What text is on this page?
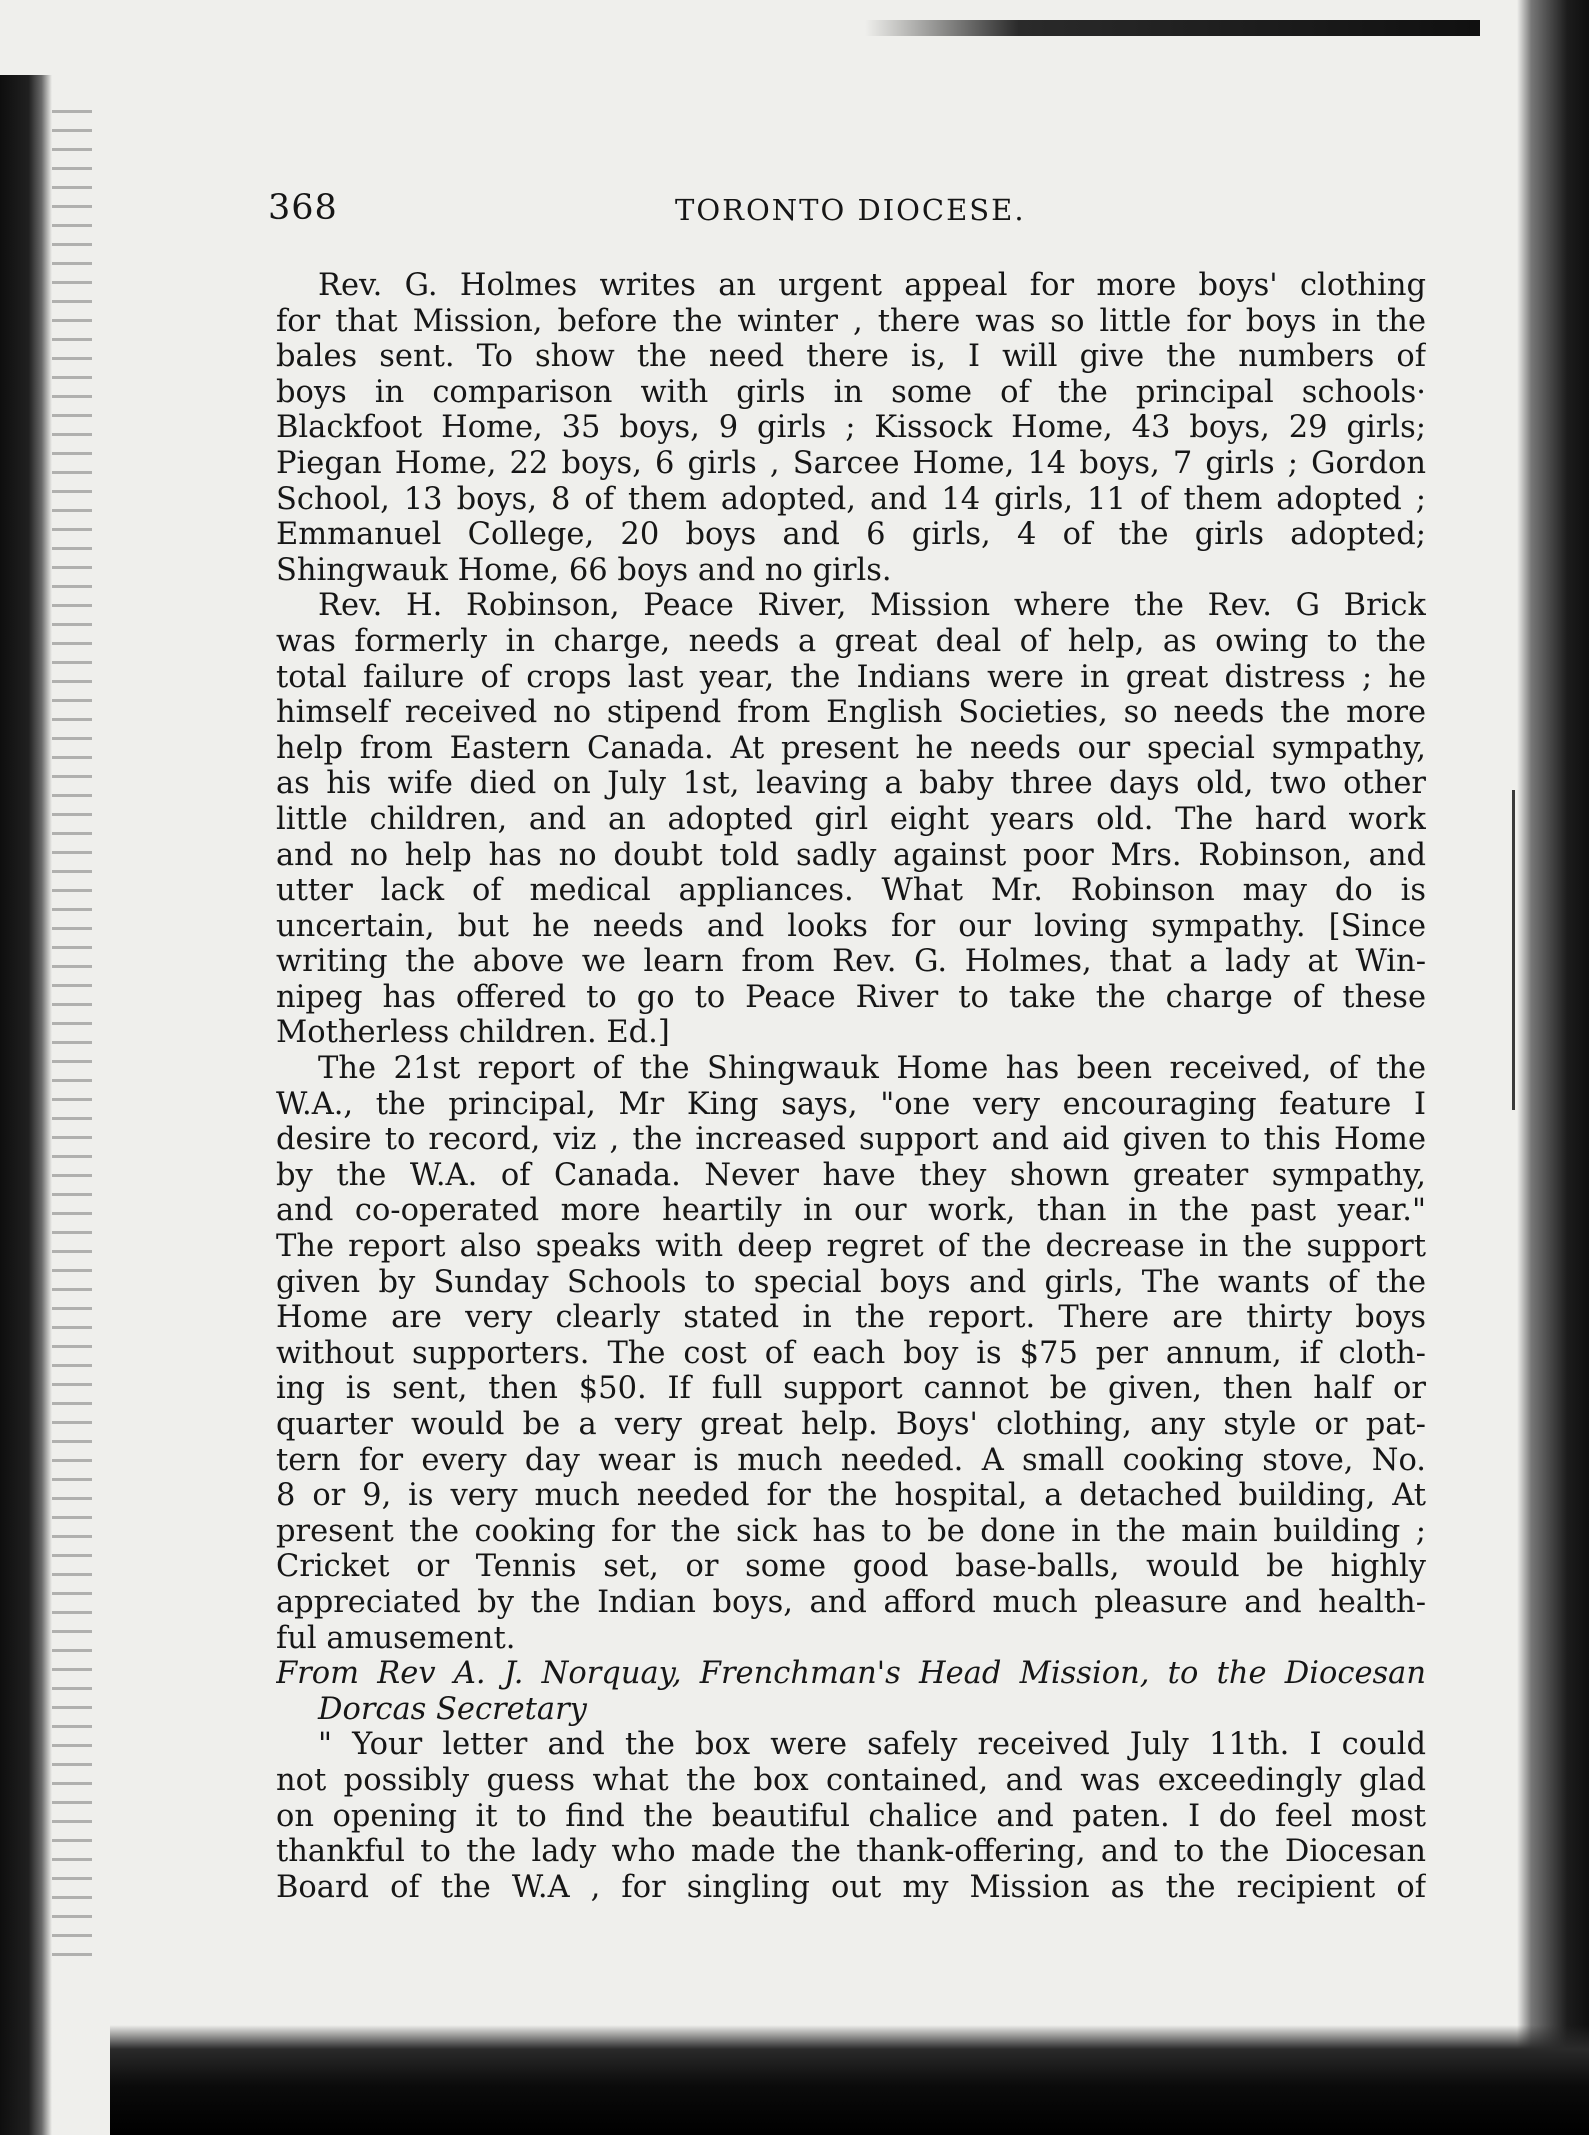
368	TORONTO DIOCESE.
Rev. G. Holmes writes an urgent appeal for more boys' clothing
for that Mission, before the winter , there was so little for boys in the
bales sent. To show the need there is, I will give the numbers of
boys in comparison with girls in some of the principal schools·
Blackfoot Home, 35 boys, 9 girls ; Kissock Home, 43 boys, 29 girls;
Piegan Home, 22 boys, 6 girls , Sarcee Home, 14 boys, 7 girls ; Gordon
School, 13 boys, 8 of them adopted, and 14 girls, 11 of them adopted ;
Emmanuel College, 20 boys and 6 girls, 4 of the girls adopted;
Shingwauk Home, 66 boys and no girls.
Rev. H. Robinson, Peace River, Mission where the Rev. G Brick
was formerly in charge, needs a great deal of help, as owing to the
total failure of crops last year, the Indians were in great distress ; he
himself received no stipend from English Societies, so needs the more
help from Eastern Canada. At present he needs our special sympathy,
as his wife died on July 1st, leaving a baby three days old, two other
little children, and an adopted girl eight years old. The hard work
and no help has no doubt told sadly against poor Mrs. Robinson, and
utter lack of medical appliances. What Mr. Robinson may do is
uncertain, but he needs and looks for our loving sympathy. [Since
writing the above we learn from Rev. G. Holmes, that a lady at Win-
nipeg has offered to go to Peace River to take the charge of these
Motherless children. Ed.]
The 21st report of the Shingwauk Home has been received, of the
W.A., the principal, Mr King says, "one very encouraging feature I
desire to record, viz , the increased support and aid given to this Home
by the W.A. of Canada. Never have they shown greater sympathy,
and co-operated more heartily in our work, than in the past year."
The report also speaks with deep regret of the decrease in the support
given by Sunday Schools to special boys and girls, The wants of the
Home are very clearly stated in the report. There are thirty boys
without supporters. The cost of each boy is $75 per annum, if cloth-
ing is sent, then $50. If full support cannot be given, then half or
quarter would be a very great help. Boys' clothing, any style or pat-
tern for every day wear is much needed. A small cooking stove, No.
8 or 9, is very much needed for the hospital, a detached building, At
present the cooking for the sick has to be done in the main building ;
Cricket or Tennis set, or some good base-balls, would be highly
appreciated by the Indian boys, and afford much pleasure and health-
ful amusement.
From Rev A. J. Norquay, Frenchman's Head Mission, to the Diocesan
Dorcas Secretary
" Your letter and the box were safely received July 11th. I could
not possibly guess what the box contained, and was exceedingly glad
on opening it to find the beautiful chalice and paten. I do feel most
thankful to the lady who made the thank-offering, and to the Diocesan
Board of the W.A , for singling out my Mission as the recipient of
